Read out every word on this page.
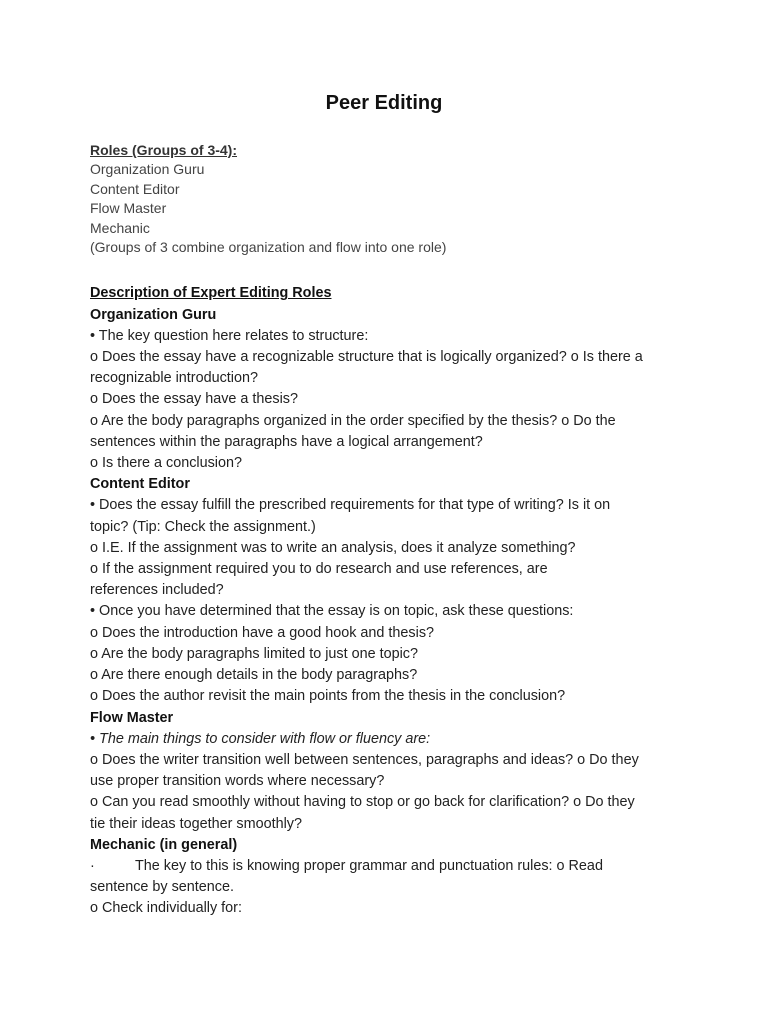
Peer Editing
Roles (Groups of 3-4):
Organization Guru
Content Editor
Flow Master
Mechanic
(Groups of 3 combine organization and flow into one role)
Description of Expert Editing Roles
Organization Guru
• The key question here relates to structure:
o Does the essay have a recognizable structure that is logically organized? o Is there a
recognizable introduction?
o Does the essay have a thesis?
o Are the body paragraphs organized in the order specified by the thesis? o Do the
sentences within the paragraphs have a logical arrangement?
o Is there a conclusion?
Content Editor
• Does the essay fulfill the prescribed requirements for that type of writing? Is it on
topic? (Tip: Check the assignment.)
o I.E. If the assignment was to write an analysis, does it analyze something?
o If the assignment required you to do research and use references, are
references included?
• Once you have determined that the essay is on topic, ask these questions:
o Does the introduction have a good hook and thesis?
o Are the body paragraphs limited to just one topic?
o Are there enough details in the body paragraphs?
o Does the author revisit the main points from the thesis in the conclusion?
Flow Master
• The main things to consider with flow or fluency are:
o Does the writer transition well between sentences, paragraphs and ideas? o Do they
use proper transition words where necessary?
o Can you read smoothly without having to stop or go back for clarification? o Do they
tie their ideas together smoothly?
Mechanic (in general)
·	The key to this is knowing proper grammar and punctuation rules: o Read
sentence by sentence.
o Check individually for:
